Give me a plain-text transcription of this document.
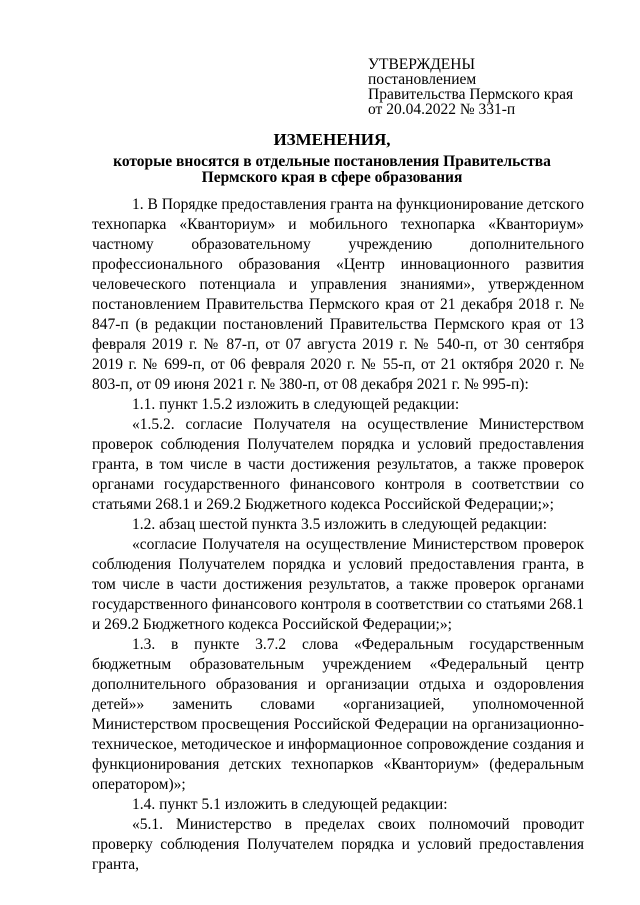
УТВЕРЖДЕНЫ
постановлением
Правительства Пермского края
от 20.04.2022 № 331-п
ИЗМЕНЕНИЯ,
которые вносятся в отдельные постановления Правительства Пермского края в сфере образования

1. В Порядке предоставления гранта на функционирование детского технопарка «Кванториум» и мобильного технопарка «Кванториум» частному образовательному учреждению дополнительного профессионального образования «Центр инновационного развития человеческого потенциала и управления знаниями», утвержденном постановлением Правительства Пермского края от 21 декабря 2018 г. № 847-п (в редакции постановлений Правительства Пермского края от 13 февраля 2019 г. № 87-п, от 07 августа 2019 г. № 540-п, от 30 сентября 2019 г. № 699-п, от 06 февраля 2020 г. № 55-п, от 21 октября 2020 г. № 803-п, от 09 июня 2021 г. № 380-п, от 08 декабря 2021 г. № 995-п):

1.1. пункт 1.5.2 изложить в следующей редакции:

«1.5.2. согласие Получателя на осуществление Министерством проверок соблюдения Получателем порядка и условий предоставления гранта, в том числе в части достижения результатов, а также проверок органами государственного финансового контроля в соответствии со статьями 268.1 и 269.2 Бюджетного кодекса Российской Федерации;»;

1.2. абзац шестой пункта 3.5 изложить в следующей редакции:

«согласие Получателя на осуществление Министерством проверок соблюдения Получателем порядка и условий предоставления гранта, в том числе в части достижения результатов, а также проверок органами государственного финансового контроля в соответствии со статьями 268.1 и 269.2 Бюджетного кодекса Российской Федерации;»;

1.3. в пункте 3.7.2 слова «Федеральным государственным бюджетным образовательным учреждением «Федеральный центр дополнительного образования и организации отдыха и оздоровления детей»» заменить словами «организацией, уполномоченной Министерством просвещения Российской Федерации на организационно-техническое, методическое и информационное сопровождение создания и функционирования детских технопарков «Кванториум» (федеральным оператором)»;

1.4. пункт 5.1 изложить в следующей редакции:

«5.1. Министерство в пределах своих полномочий проводит проверку соблюдения Получателем порядка и условий предоставления гранта,
